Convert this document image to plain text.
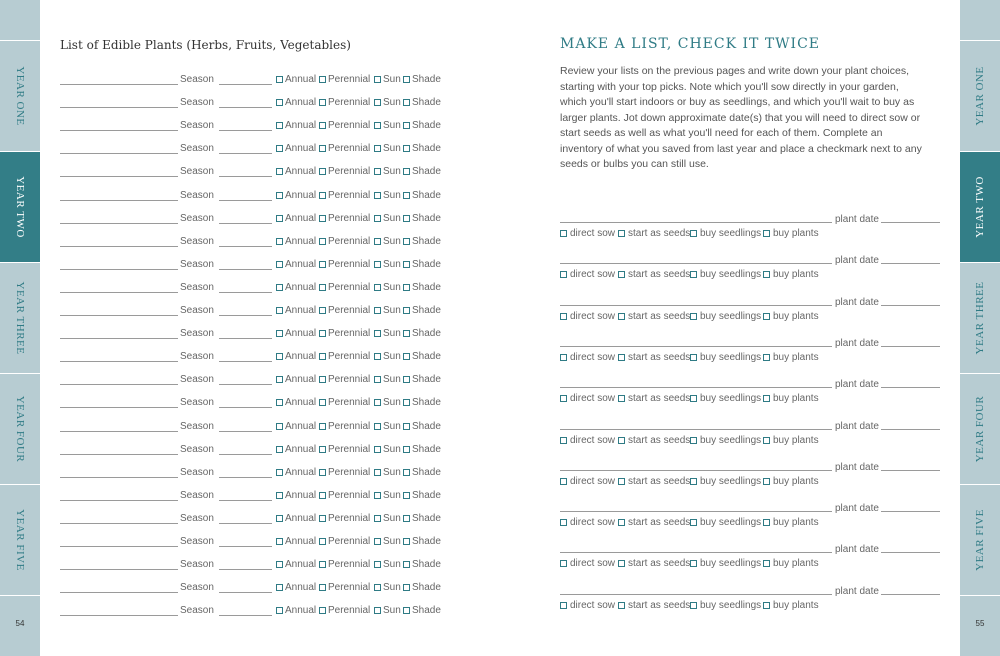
YEAR ONE
YEAR TWO
YEAR THREE
YEAR FOUR
YEAR FIVE
54
YEAR ONE
YEAR TWO
YEAR THREE
YEAR FOUR
YEAR FIVE
55
List of Edible Plants (Herbs, Fruits, Vegetables)
Season	Annual Perennial Sun Shade
Season	Annual Perennial Sun Shade
Season	Annual Perennial Sun Shade
Season	Annual Perennial Sun Shade
Season	Annual Perennial Sun Shade
Season	Annual Perennial Sun Shade
Season	Annual Perennial Sun Shade
Season	Annual Perennial Sun Shade
Season	Annual Perennial Sun Shade
Season	Annual Perennial Sun Shade
Season	Annual Perennial Sun Shade
Season	Annual Perennial Sun Shade
Season	Annual Perennial Sun Shade
Season	Annual Perennial Sun Shade
Season	Annual Perennial Sun Shade
Season	Annual Perennial Sun Shade
Season	Annual Perennial Sun Shade
Season	Annual Perennial Sun Shade
Season	Annual Perennial Sun Shade
Season	Annual Perennial Sun Shade
Season	Annual Perennial Sun Shade
Season	Annual Perennial Sun Shade
Season	Annual Perennial Sun Shade
Season	Annual Perennial Sun Shade
MAKE A LIST, CHECK IT TWICE
Review your lists on the previous pages and write down your plant choices, starting with your top picks. Note which you'll sow directly in your garden, which you'll start indoors or buy as seedlings, and which you'll wait to buy as larger plants. Jot down approximate date(s) that you will need to direct sow or start seeds as well as what you'll need for each of them. Complete an inventory of what you saved from last year and place a checkmark next to any seeds or bulbs you can still use.
plant date
direct sow start as seeds buy seedlings buy plants
plant date
direct sow start as seeds buy seedlings buy plants
plant date
direct sow start as seeds buy seedlings buy plants
plant date
direct sow start as seeds buy seedlings buy plants
plant date
direct sow start as seeds buy seedlings buy plants
plant date
direct sow start as seeds buy seedlings buy plants
plant date
direct sow start as seeds buy seedlings buy plants
plant date
direct sow start as seeds buy seedlings buy plants
plant date
direct sow start as seeds buy seedlings buy plants
plant date
direct sow start as seeds buy seedlings buy plants
